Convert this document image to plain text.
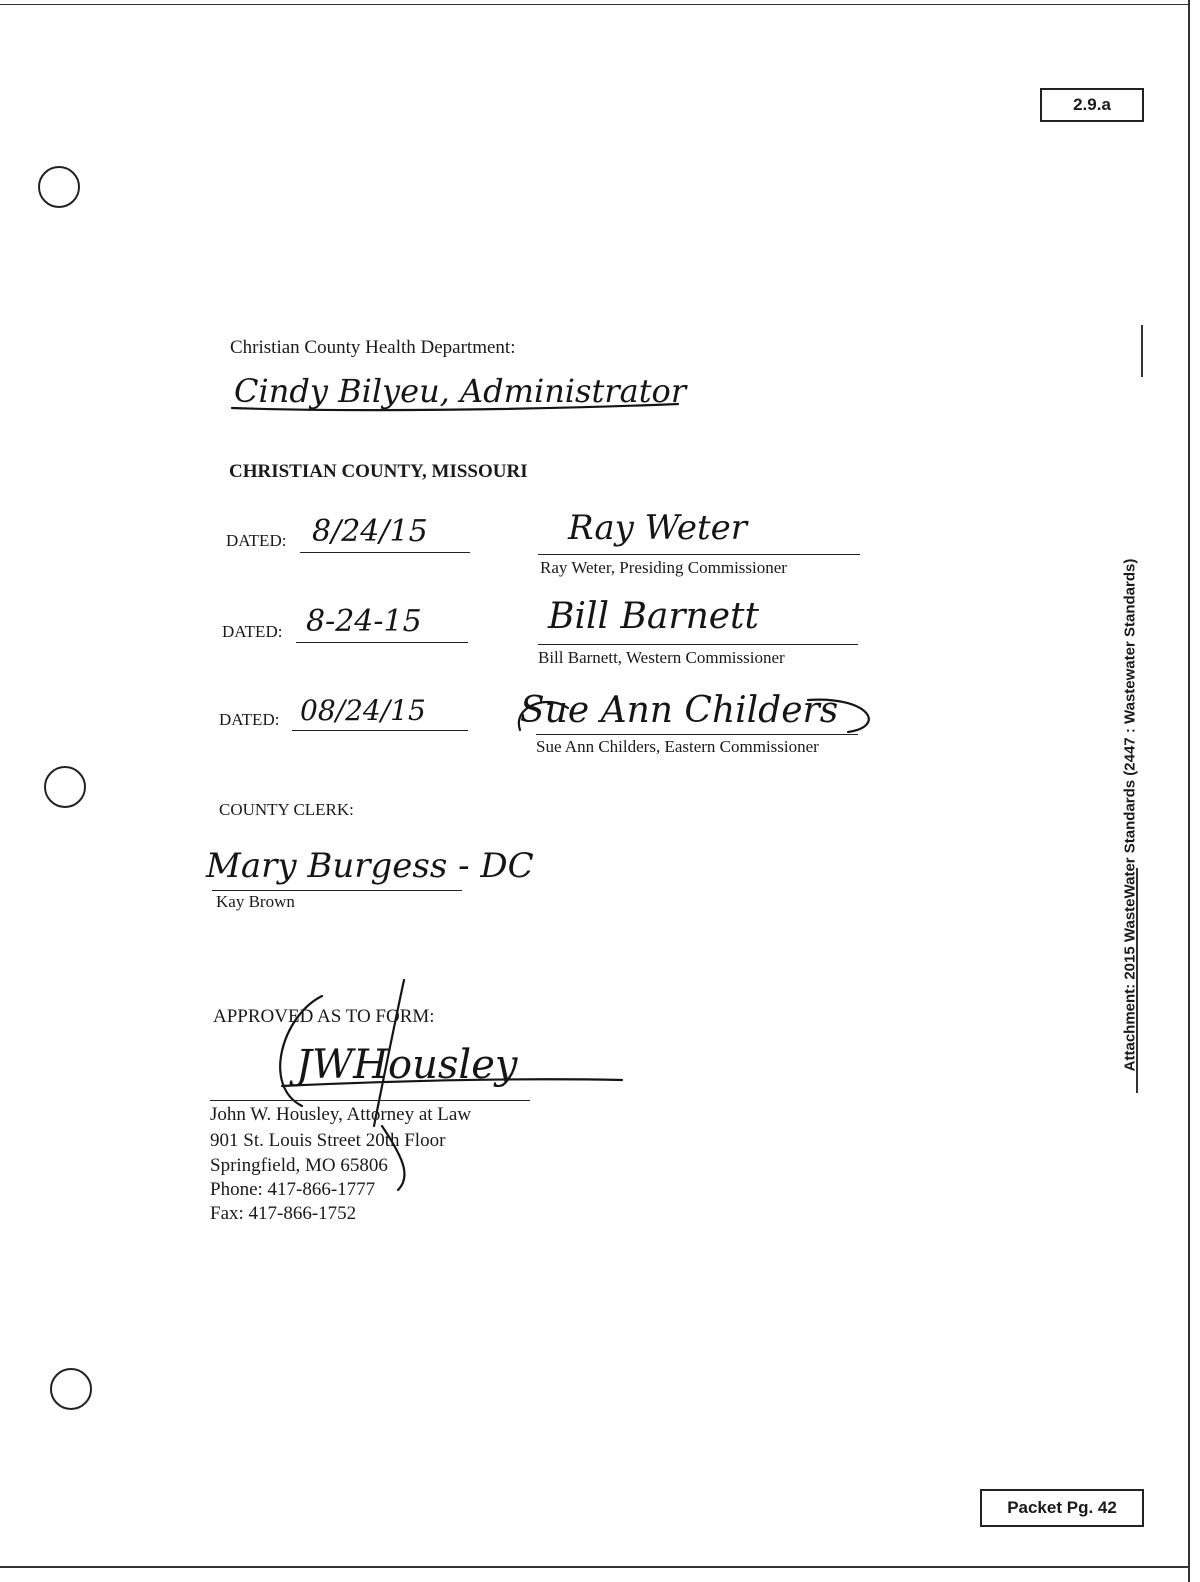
2.9.a
Attachment: 2015 WasteWater Standards (2447 : Wastewater Standards)
Christian County Health Department:
Cindy Bilyeu, Administrator
CHRISTIAN COUNTY, MISSOURI
DATED: 8/24/15	Ray Weter
Ray Weter, Presiding Commissioner
DATED: 8-24-15	Bill Barnett
Bill Barnett, Western Commissioner
DATED: 08/24/15	Sue Ann Childers
Sue Ann Childers, Eastern Commissioner
COUNTY CLERK:
Mary Burgess - DC
Kay Brown
APPROVED AS TO FORM:
JWHousley
John W. Housley, Attorney at Law
901 St. Louis Street 20th Floor
Springfield, MO 65806
Phone: 417-866-1777
Fax: 417-866-1752
Packet Pg. 42
